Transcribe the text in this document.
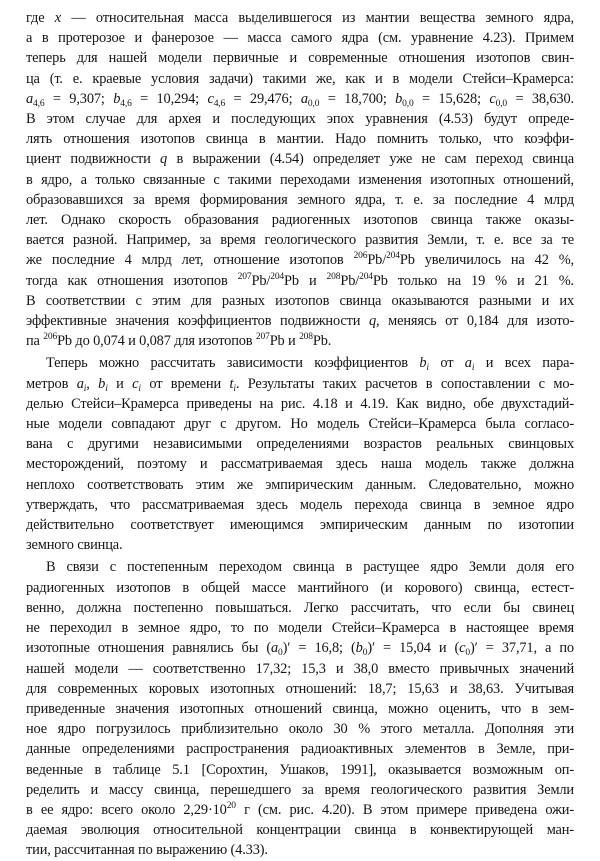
где x — относительная масса выделившегося из мантии вещества земного ядра,
а в протерозое и фанерозое — масса самого ядра (см. уравнение 4.23). Примем
теперь для нашей модели первичные и современные отношения изотопов свин-
ца (т. е. краевые условия задачи) такими же, как и в модели Стейси–Крамерса:
$a_{4,6} = 9,307$; $b_{4,6} = 10,294$; $c_{4,6} = 29,476$; $a_{0,0} = 18,700$; $b_{0,0} = 15,628$; $c_{0,0} = 38,630$.
В этом случае для архея и последующих эпох уравнения (4.53) будут опреде-
лять отношения изотопов свинца в мантии. Надо помнить только, что коэффи-
циент подвижности q в выражении (4.54) определяет уже не сам переход свинца
в ядро, а только связанные с такими переходами изменения изотопных отношений,
образовавшихся за время формирования земного ядра, т. е. за последние 4 млрд
лет. Однако скорость образования радиогенных изотопов свинца также оказы-
вается разной. Например, за время геологического развития Земли, т. е. все за те
же последние 4 млрд лет, отношение изотопов $^{206}$Pb/$^{204}$Pb увеличилось на 42 %,
тогда как отношения изотопов $^{207}$Pb/$^{204}$Pb и $^{208}$Pb/$^{204}$Pb только на 19 % и 21 %.
В соответствии с этим для разных изотопов свинца оказываются разными и их
эффективные значения коэффициентов подвижности q, меняясь от 0,184 для изото-
па $^{206}$Pb до 0,074 и 0,087 для изотопов $^{207}$Pb и $^{208}$Pb.
Теперь можно рассчитать зависимости коэффициентов $b_i$ от $a_i$ и всех пара-
метров $a_i$, $b_i$ и $c_i$ от времени $t_i$. Результаты таких расчетов в сопоставлении с мо-
делью Стейси–Крамерса приведены на рис. 4.18 и 4.19. Как видно, обе двухстадий-
ные модели совпадают друг с другом. Но модель Стейси–Крамерса была согласо-
вана с другими независимыми определениями возрастов реальных свинцовых
месторождений, поэтому и рассматриваемая здесь наша модель также должна
неплохо соответствовать этим же эмпирическим данным. Следовательно, можно
утверждать, что рассматриваемая здесь модель перехода свинца в земное ядро
действительно соответствует имеющимся эмпирическим данным по изотопии
земного свинца.
В связи с постепенным переходом свинца в растущее ядро Земли доля его
радиогенных изотопов в общей массе мантийного (и корового) свинца, естест-
венно, должна постепенно повышаться. Легко рассчитать, что если бы свинец
не переходил в земное ядро, то по модели Стейси–Крамерса в настоящее время
изотопные отношения равнялись бы $(a_0)' = 16,8$; $(b_0)' = 15,04$ и $(c_0)' = 37,71$, а по
нашей модели — соответственно 17,32; 15,3 и 38,0 вместо привычных значений
для современных коровых изотопных отношений: 18,7; 15,63 и 38,63. Учитывая
приведенные значения изотопных отношений свинца, можно оценить, что в зем-
ное ядро погрузилось приблизительно около 30 % этого металла. Дополняя эти
данные определениями распространения радиоактивных элементов в Земле, при-
веденные в таблице 5.1 [Сорохтин, Ушаков, 1991], оказывается возможным оп-
ределить и массу свинца, перешедшего за время геологического развития Земли
в ее ядро: всего около $2,29\cdot 10^{20}$ г (см. рис. 4.20). В этом примере приведена ожи-
даемая эволюция относительной концентрации свинца в конвектирующей ман-
тии, рассчитанная по выражению (4.33).
